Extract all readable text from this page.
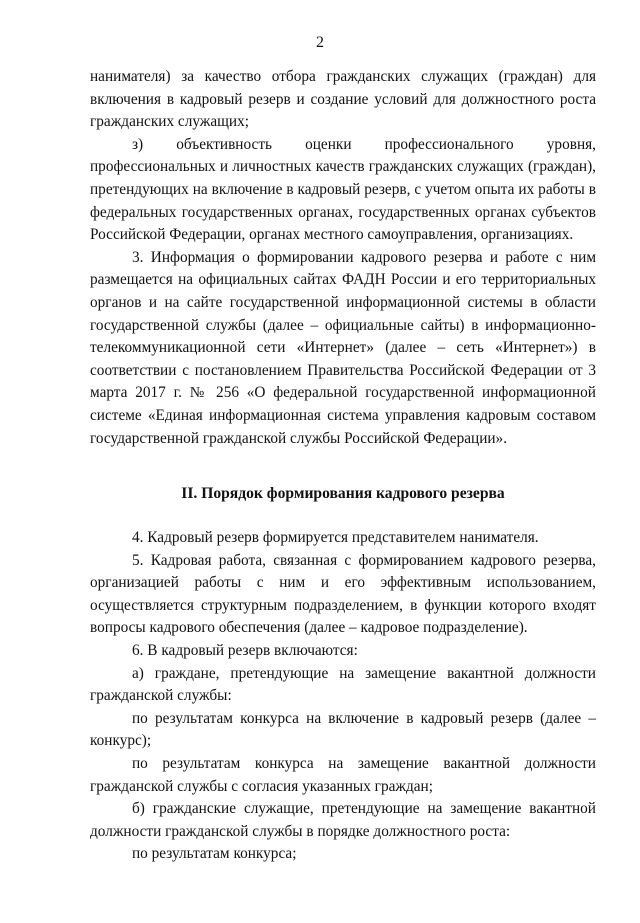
2

нанимателя) за качество отбора гражданских служащих (граждан) для включения в кадровый резерв и создание условий для должностного роста гражданских служащих;

з) объективность оценки профессионального уровня, профессиональных и личностных качеств гражданских служащих (граждан), претендующих на включение в кадровый резерв, с учетом опыта их работы в федеральных государственных органах, государственных органах субъектов Российской Федерации, органах местного самоуправления, организациях.

3. Информация о формировании кадрового резерва и работе с ним размещается на официальных сайтах ФАДН России и его территориальных органов и на сайте государственной информационной системы в области государственной службы (далее – официальные сайты) в информационно-телекоммуникационной сети «Интернет» (далее – сеть «Интернет») в соответствии с постановлением Правительства Российской Федерации от 3 марта 2017 г. № 256 «О федеральной государственной информационной системе «Единая информационная система управления кадровым составом государственной гражданской службы Российской Федерации».

II. Порядок формирования кадрового резерва

4. Кадровый резерв формируется представителем нанимателя.

5. Кадровая работа, связанная с формированием кадрового резерва, организацией работы с ним и его эффективным использованием, осуществляется структурным подразделением, в функции которого входят вопросы кадрового обеспечения (далее – кадровое подразделение).

6. В кадровый резерв включаются:

а) граждане, претендующие на замещение вакантной должности гражданской службы:

по результатам конкурса на включение в кадровый резерв (далее – конкурс);

по результатам конкурса на замещение вакантной должности гражданской службы с согласия указанных граждан;

б) гражданские служащие, претендующие на замещение вакантной должности гражданской службы в порядке должностного роста:

по результатам конкурса;
